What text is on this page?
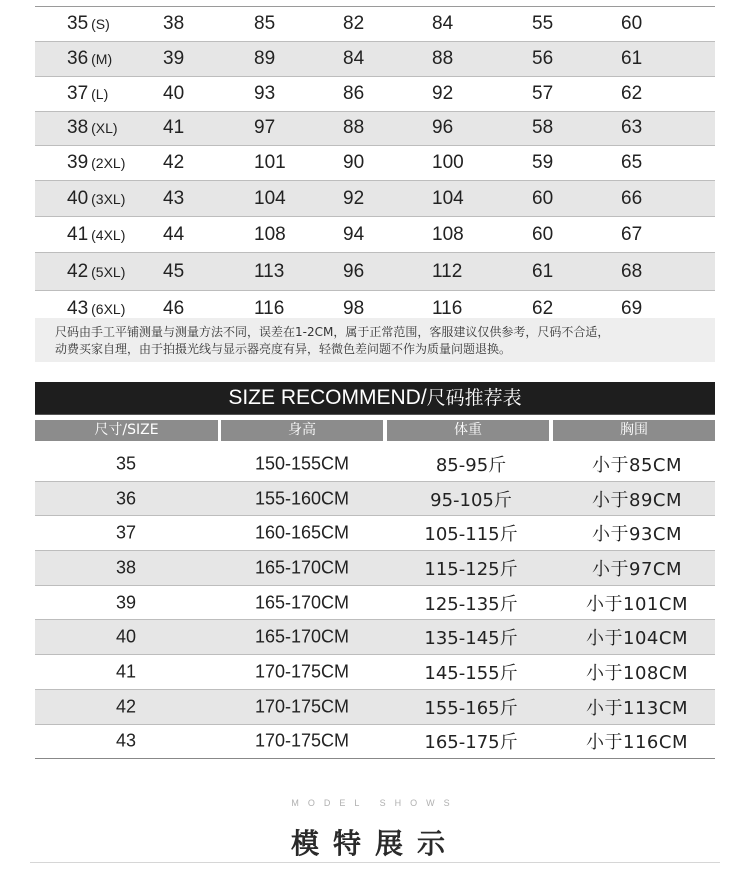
35 (S)	38	85	82	84	55	60
36 (M)	39	89	84	88	56	61
37 (L)	40	93	86	92	57	62
38 (XL) 41	97	88	96	58	63
39 (2XL) 42	101	90	100	59	65
40 (3XL) 43	104	92	104	60	66
41 (4XL) 44	108	94	108	60	67
42 (5XL) 45	113	96	112	61	68
43 (6XL) 46	116	98	116	62	69
尺码由手工平铺测量与测量方法不同，误差在1-2CM，属于正常范围，客服建议仅供参考，尺码不合适，
动费买家自理，由于拍摄光线与显示器亮度有异，轻微色差问题不作为质量问题退换。
SIZE RECOMMEND/尺码推荐表
尺寸/SIZE	身高	体重	胸围
35	150-155CM	85-95斤	小于85CM
36	155-160CM	95-105斤	小于89CM
37	160-165CM	105-115斤	小于93CM
38	165-170CM	115-125斤	小于97CM
39	165-170CM	125-135斤	小于101CM
40	165-170CM	135-145斤	小于104CM
41	170-175CM	145-155斤	小于108CM
42	170-175CM	155-165斤	小于113CM
43	170-175CM	165-175斤	小于116CM
MODEL SHOWS
模特展示
